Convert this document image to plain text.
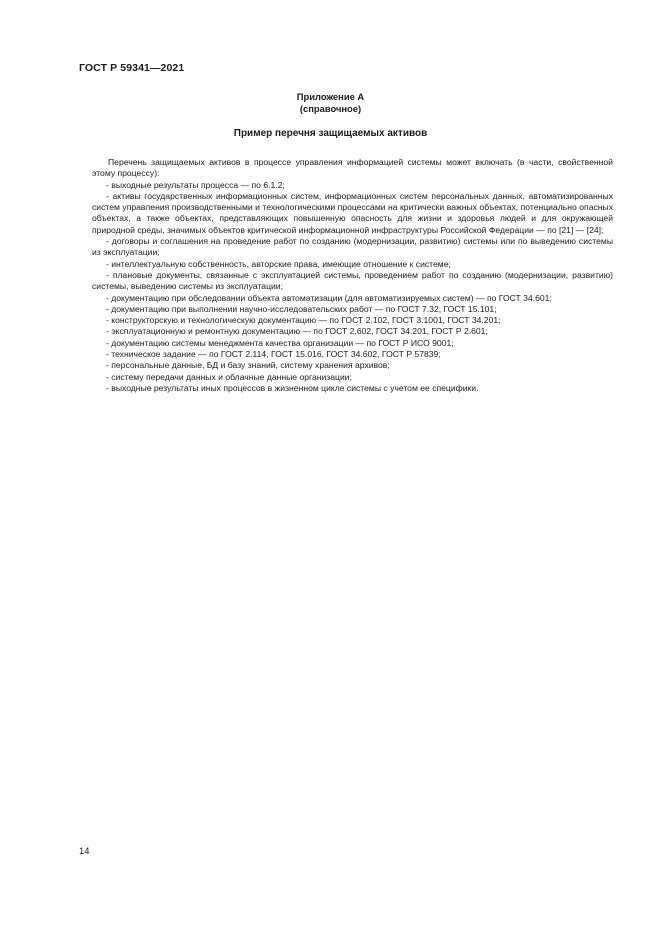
ГОСТ Р 59341—2021
Приложение А
(справочное)
Пример перечня защищаемых активов

Перечень защищаемых активов в процессе управления информацией системы может включать (в части, свойственной этому процессу):

- выходные результаты процесса — по 6.1.2;

- активы государственных информационных систем, информационных систем персональных данных, автоматизированных систем управления производственными и технологическими процессами на критически важных объектах, потенциально опасных объектах, а также объектах, представляющих повышенную опасность для жизни и здоровья людей и для окружающей природной среды, значимых объектов критической информационной инфраструктуры Российской Федерации — по [21] — [24];

- договоры и соглашения на проведение работ по созданию (модернизации, развитию) системы или по выведению системы из эксплуатации;

- интеллектуальную собственность, авторские права, имеющие отношение к системе;

- плановые документы, связанные с эксплуатацией системы, проведением работ по созданию (модернизации, развитию) системы, выведению системы из эксплуатации;

- документацию при обследовании объекта автоматизации (для автоматизируемых систем) — по ГОСТ 34.601;

- документацию при выполнении научно-исследовательских работ — по ГОСТ 7.32, ГОСТ 15.101;

- конструкторскую и технологическую документацию — по ГОСТ 2.102, ГОСТ 3.1001, ГОСТ 34.201;

- эксплуатационную и ремонтную документацию — по ГОСТ 2.602, ГОСТ 34.201, ГОСТ Р 2.601;

- документацию системы менеджмента качества организации — по ГОСТ Р ИСО 9001;

- техническое задание — по ГОСТ 2.114, ГОСТ 15.016, ГОСТ 34.602, ГОСТ Р 57839;

- персональные данные, БД и базу знаний, систему хранения архивов;

- систему передачи данных и облачные данные организации;

- выходные результаты иных процессов в жизненном цикле системы с учетом ее специфики.

14
